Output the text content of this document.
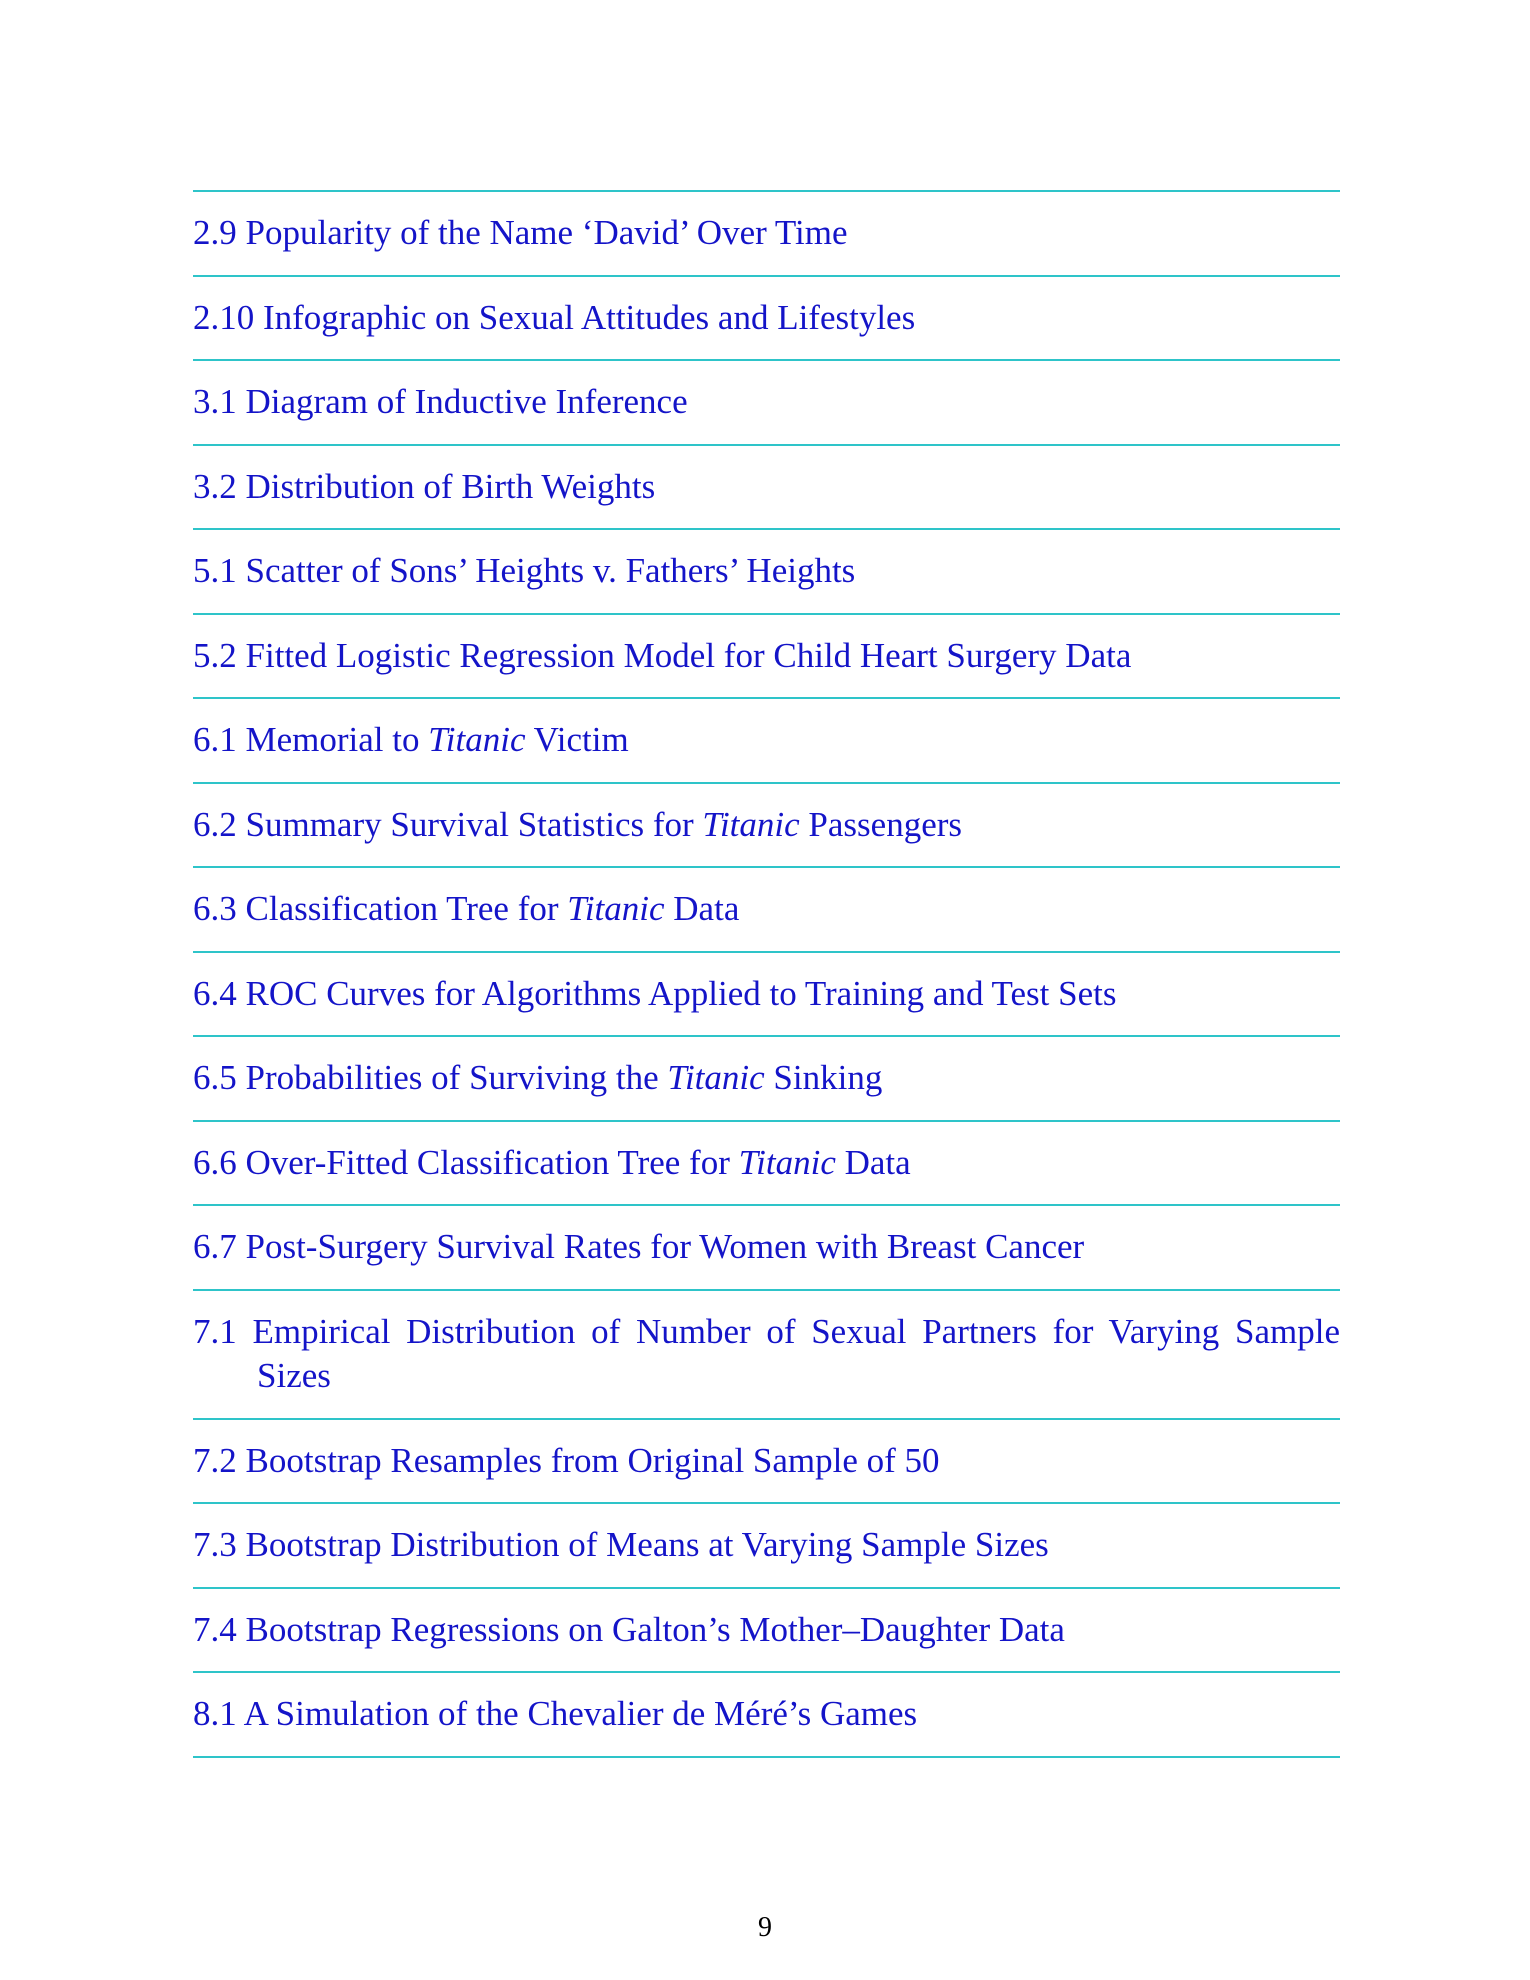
2.9 Popularity of the Name ‘David’ Over Time
2.10 Infographic on Sexual Attitudes and Lifestyles
3.1 Diagram of Inductive Inference
3.2 Distribution of Birth Weights
5.1 Scatter of Sons’ Heights v. Fathers’ Heights
5.2 Fitted Logistic Regression Model for Child Heart Surgery Data
6.1 Memorial to Titanic Victim
6.2 Summary Survival Statistics for Titanic Passengers
6.3 Classification Tree for Titanic Data
6.4 ROC Curves for Algorithms Applied to Training and Test Sets
6.5 Probabilities of Surviving the Titanic Sinking
6.6 Over-Fitted Classification Tree for Titanic Data
6.7 Post-Surgery Survival Rates for Women with Breast Cancer
7.1 Empirical Distribution of Number of Sexual Partners for Varying Sample Sizes
7.2 Bootstrap Resamples from Original Sample of 50
7.3 Bootstrap Distribution of Means at Varying Sample Sizes
7.4 Bootstrap Regressions on Galton’s Mother–Daughter Data
8.1 A Simulation of the Chevalier de Méré’s Games
9
